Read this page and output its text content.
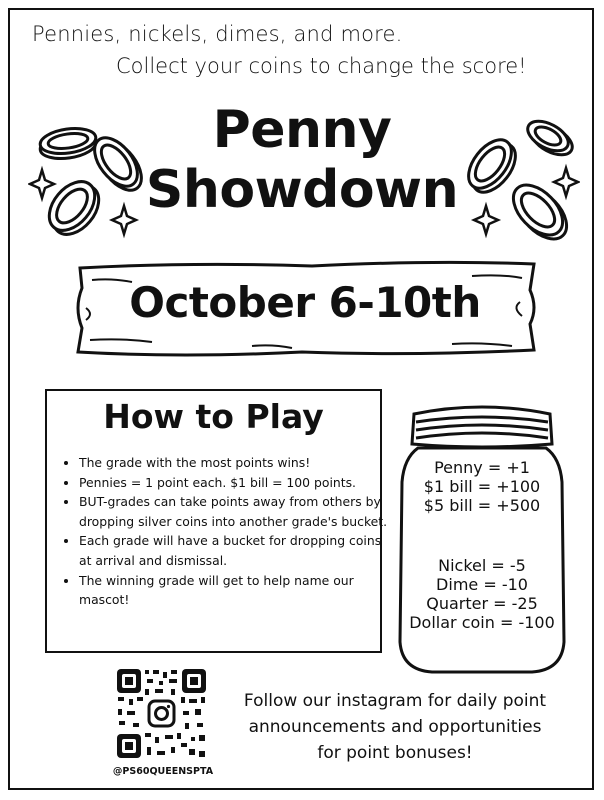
Pennies, nickels, dimes, and more.
Collect your coins to change the score!
Penny
Showdown
October 6-10th
How to Play
• The grade with the most points wins!
• Pennies = 1 point each. $1 bill = 100 points.
• BUT-grades can take points away from others by dropping silver coins into another grade's bucket.
• Each grade will have a bucket for dropping coins at arrival and dismissal.
• The winning grade will get to help name our mascot!
Penny = +1
$1 bill = +100
$5 bill = +500
Nickel = -5
Dime = -10
Quarter = -25
Dollar coin = -100
@PS60QUEENSPTA
Follow our instagram for daily point
announcements and opportunities
for point bonuses!
